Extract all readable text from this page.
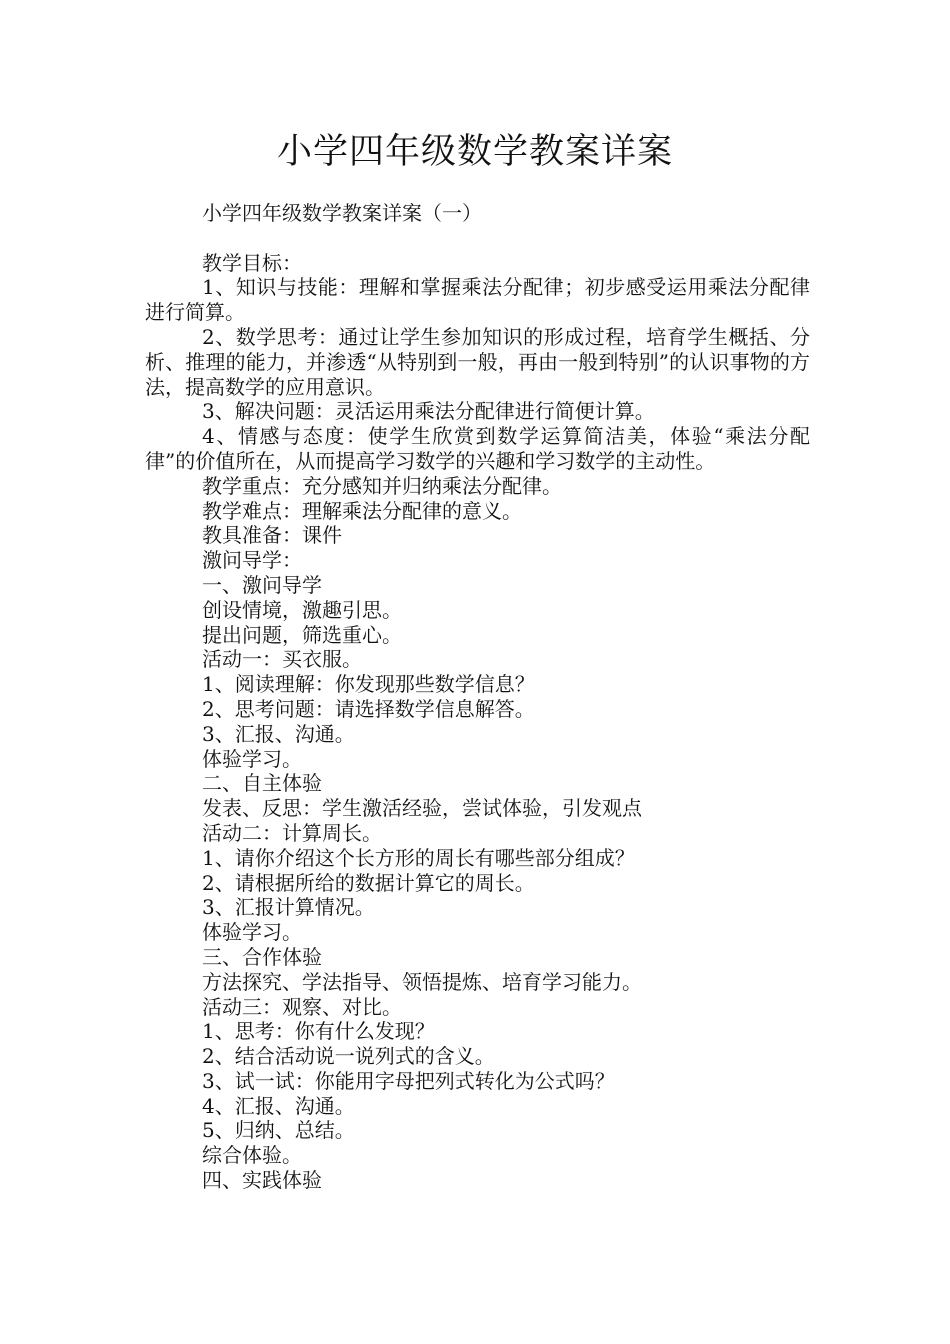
小学四年级数学教案详案

小学四年级数学教案详案（一）

教学目标：

1、知识与技能：理解和掌握乘法分配律；初步感受运用乘法分配律进行简算。

2、数学思考：通过让学生参加知识的形成过程，培育学生概括、分析、推理的能力，并渗透“从特别到一般，再由一般到特别”的认识事物的方法，提高数学的应用意识。

3、解决问题：灵活运用乘法分配律进行简便计算。

4、情感与态度：使学生欣赏到数学运算简洁美，体验“乘法分配律”的价值所在，从而提高学习数学的兴趣和学习数学的主动性。

教学重点：充分感知并归纳乘法分配律。

教学难点：理解乘法分配律的意义。

教具准备：课件

激问导学：

一、激问导学

创设情境，激趣引思。

提出问题，筛选重心。

活动一：买衣服。

1、阅读理解：你发现那些数学信息？

2、思考问题：请选择数学信息解答。

3、汇报、沟通。

体验学习。

二、自主体验

发表、反思：学生激活经验，尝试体验，引发观点

活动二：计算周长。

1、请你介绍这个长方形的周长有哪些部分组成？

2、请根据所给的数据计算它的周长。

3、汇报计算情况。

体验学习。

三、合作体验

方法探究、学法指导、领悟提炼、培育学习能力。

活动三：观察、对比。

1、思考：你有什么发现？

2、结合活动说一说列式的含义。

3、试一试：你能用字母把列式转化为公式吗？

4、汇报、沟通。

5、归纳、总结。

综合体验。

四、实践体验
